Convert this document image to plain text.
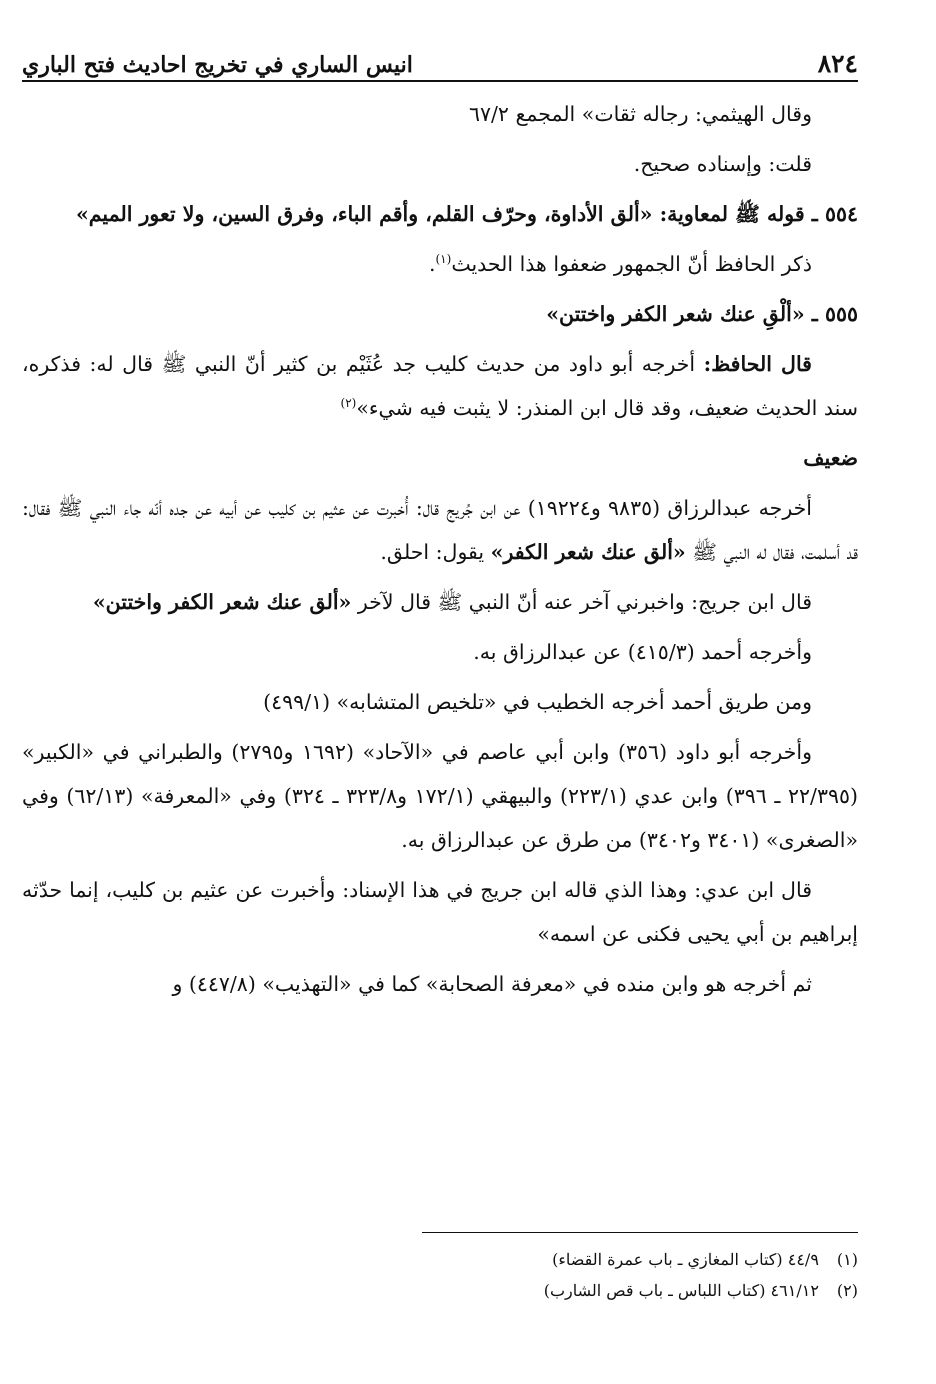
٨٢٤
انيس الساري في تخريج احاديث فتح الباري

وقال الهيثمي: رجاله ثقات» المجمع ٦٧/٢

قلت: وإسناده صحيح.

٥٥٤ ـ قوله ﷺ لمعاوية: «ألق الأداوة، وحرّف القلم، وأقم الباء، وفرق السين، ولا تعور الميم»

ذكر الحافظ أنّ الجمهور ضعفوا هذا الحديث$^{(١)}$.

٥٥٥ ـ «ألْقِ عنك شعر الكفر واختتن»

قال الحافظ: أخرجه أبو داود من حديث كليب جد عُثَيْم بن كثير أنّ النبي ﷺ قال له: فذكره، سند الحديث ضعيف، وقد قال ابن المنذر: لا يثبت فيه شيء»$^{(٢)}$

ضعيف

أخرجه عبدالرزاق (٩٨٣٥ و١٩٢٢٤) عن ابن جُريج قال: أُخبرت عن عثيم بن كليب عن أبيه عن جده أنّه جاء النبي ﷺ فقال: قد أسلمت، فقال له النبي ﷺ «ألق عنك شعر الكفر» يقول: احلق.

قال ابن جريج: واخبرني آخر عنه أنّ النبي ﷺ قال لآخر «ألق عنك شعر الكفر واختتن»

وأخرجه أحمد (٤١٥/٣) عن عبدالرزاق به.

ومن طريق أحمد أخرجه الخطيب في «تلخيص المتشابه» (٤٩٩/١)

وأخرجه أبو داود (٣٥٦) وابن أبي عاصم في «الآحاد» (١٦٩٢ و٢٧٩٥) والطبراني في «الكبير» (٢٢/٣٩٥ ـ ٣٩٦) وابن عدي (٢٢٣/١) والبيهقي (١٧٢/١ و٣٢٣/٨ ـ ٣٢٤) وفي «المعرفة» (٦٢/١٣) وفي «الصغرى» (٣٤٠١ و٣٤٠٢) من طرق عن عبدالرزاق به.

قال ابن عدي: وهذا الذي قاله ابن جريج في هذا الإسناد: وأخبرت عن عثيم بن كليب، إنما حدّثه إبراهيم بن أبي يحيى فكنى عن اسمه»

ثم أخرجه هو وابن منده في «معرفة الصحابة» كما في «التهذيب» (٤٤٧/٨) و

(١)
٤٤/٩ (كتاب المغازي ـ باب عمرة القضاء)
(٢)
٤٦١/١٢ (كتاب اللباس ـ باب قص الشارب)
